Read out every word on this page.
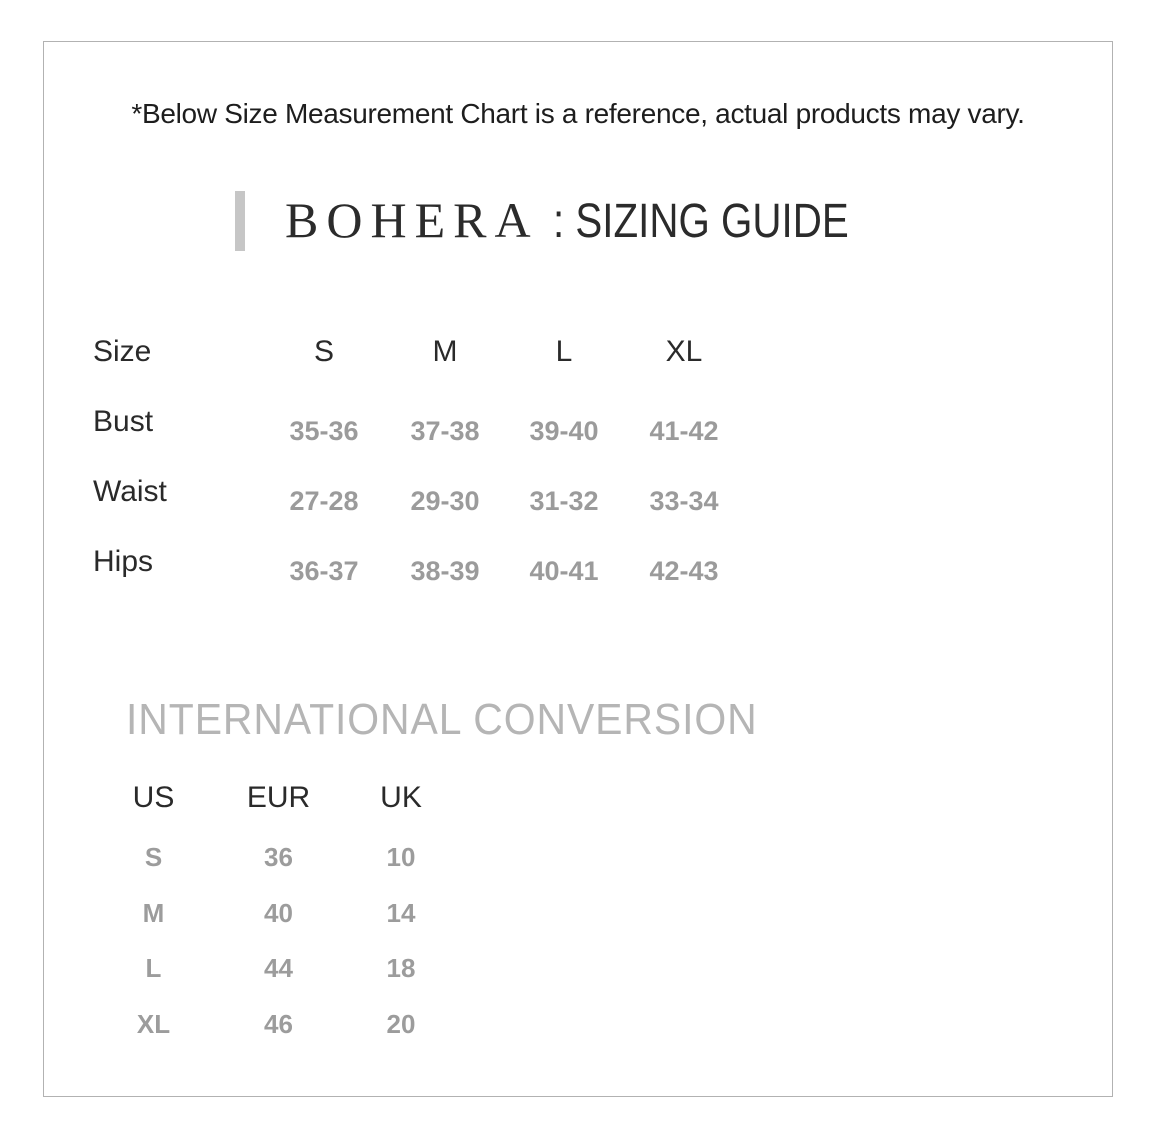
*Below Size Measurement Chart is a reference, actual products may vary.
BOHERA : SIZING GUIDE
Size	S	M	L	XL
Bust	35-36	37-38	39-40	41-42
Waist	27-28	29-30	31-32	33-34
Hips	36-37	38-39	40-41	42-43
INTERNATIONAL CONVERSION
US	EUR	UK
S	36	10
M	40	14
L	44	18
XL	46	20
